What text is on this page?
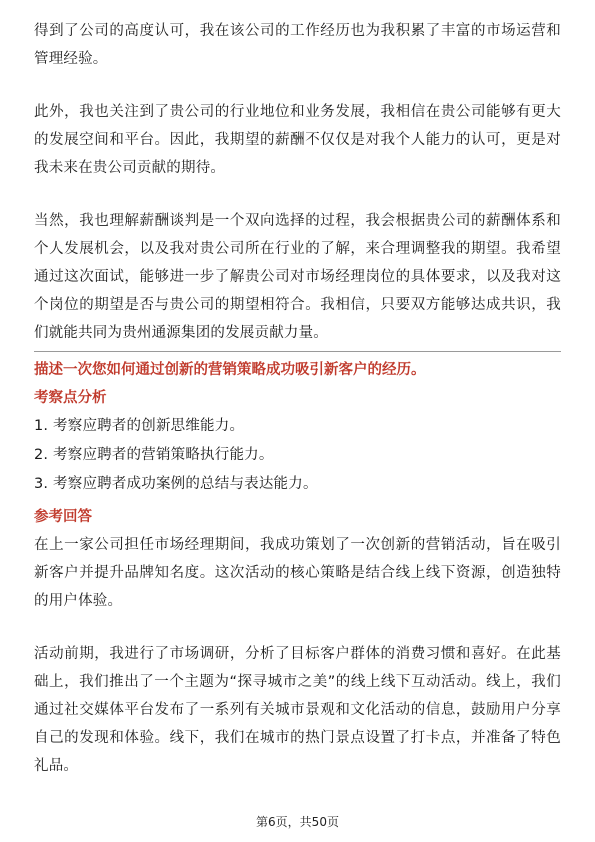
得到了公司的高度认可，我在该公司的工作经历也为我积累了丰富的市场运营和管理经验。

此外，我也关注到了贵公司的行业地位和业务发展，我相信在贵公司能够有更大的发展空间和平台。因此，我期望的薪酬不仅仅是对我个人能力的认可，更是对我未来在贵公司贡献的期待。

当然，我也理解薪酬谈判是一个双向选择的过程，我会根据贵公司的薪酬体系和个人发展机会，以及我对贵公司所在行业的了解，来合理调整我的期望。我希望通过这次面试，能够进一步了解贵公司对市场经理岗位的具体要求，以及我对这个岗位的期望是否与贵公司的期望相符合。我相信，只要双方能够达成共识，我们就能共同为贵州通源集团的发展贡献力量。

描述一次您如何通过创新的营销策略成功吸引新客户的经历。

考察点分析

1. 考察应聘者的创新思维能力。
2. 考察应聘者的营销策略执行能力。
3. 考察应聘者成功案例的总结与表达能力。

参考回答

在上一家公司担任市场经理期间，我成功策划了一次创新的营销活动，旨在吸引新客户并提升品牌知名度。这次活动的核心策略是结合线上线下资源，创造独特的用户体验。

活动前期，我进行了市场调研，分析了目标客户群体的消费习惯和喜好。在此基础上，我们推出了一个主题为“探寻城市之美”的线上线下互动活动。线上，我们通过社交媒体平台发布了一系列有关城市景观和文化活动的信息，鼓励用户分享自己的发现和体验。线下，我们在城市的热门景点设置了打卡点，并准备了特色礼品。

第6页，共50页
